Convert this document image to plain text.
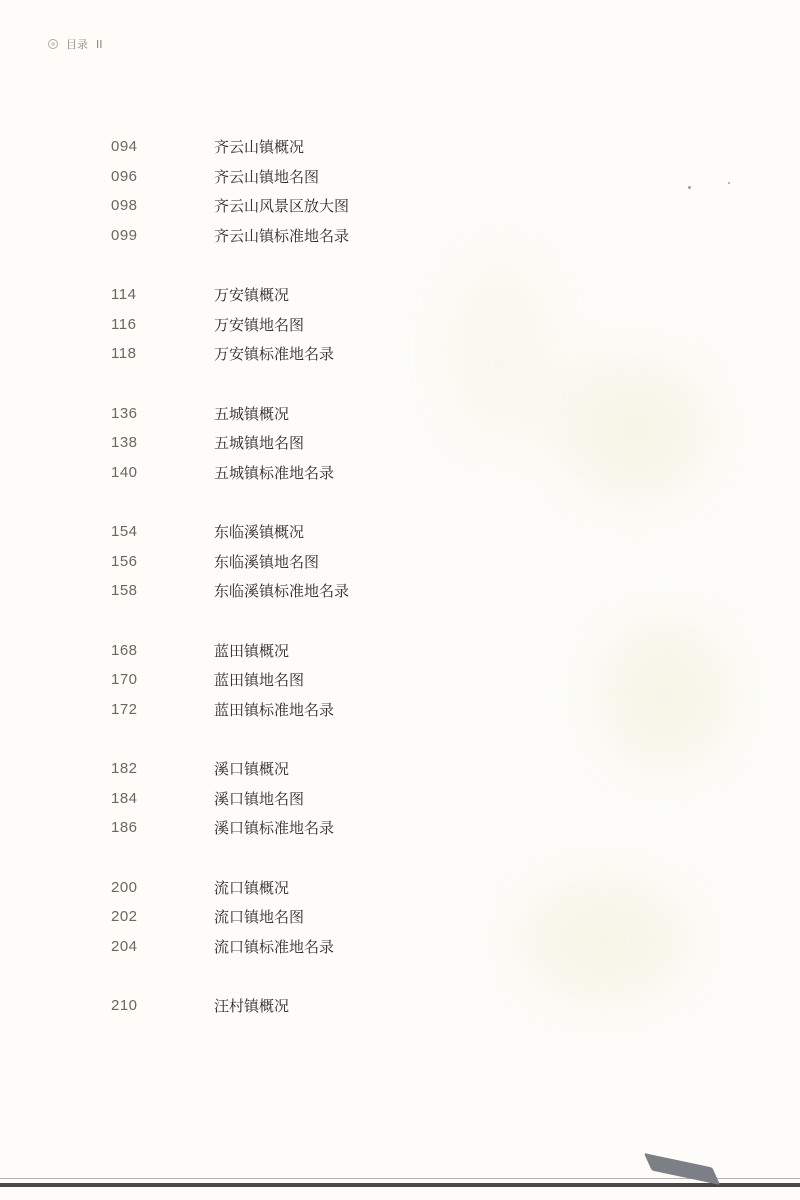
目录 II
094	齐云山镇概况
096	齐云山镇地名图
098	齐云山风景区放大图
099	齐云山镇标准地名录
114	万安镇概况
116	万安镇地名图
118	万安镇标准地名录
136	五城镇概况
138	五城镇地名图
140	五城镇标准地名录
154	东临溪镇概况
156	东临溪镇地名图
158	东临溪镇标准地名录
168	蓝田镇概况
170	蓝田镇地名图
172	蓝田镇标准地名录
182	溪口镇概况
184	溪口镇地名图
186	溪口镇标准地名录
200	流口镇概况
202	流口镇地名图
204	流口镇标准地名录
210	汪村镇概况
